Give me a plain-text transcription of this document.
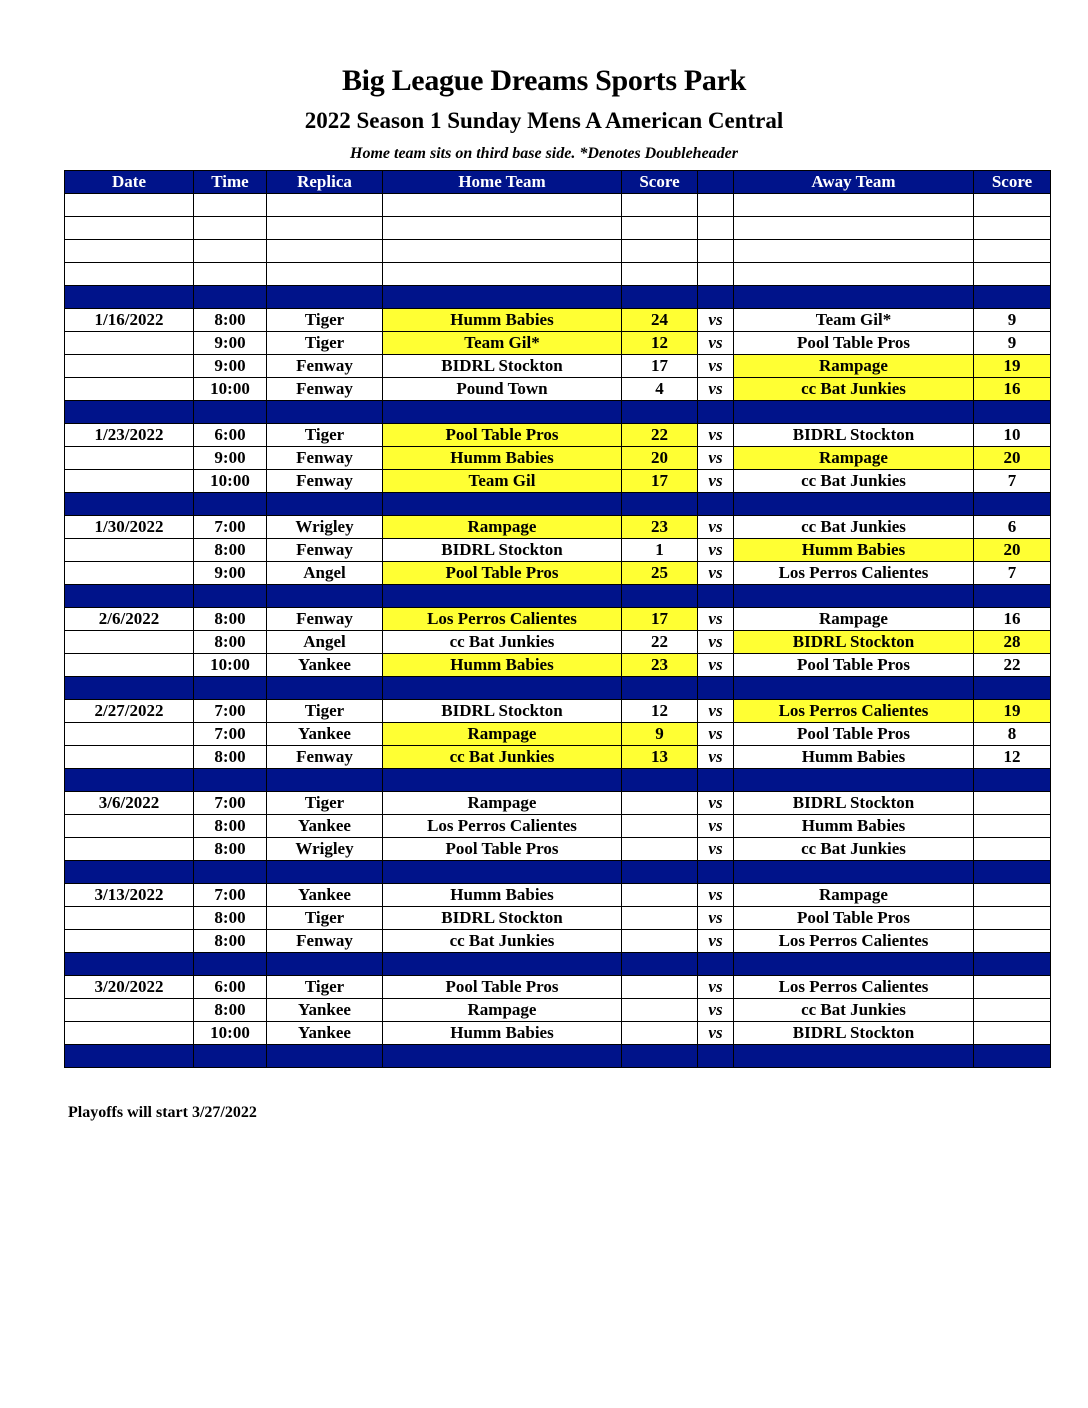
Big League Dreams Sports Park
2022 Season 1 Sunday Mens A American Central
Home team sits on third base side. *Denotes Doubleheader
Date	Time	Replica	Home Team	Score		Away Team	Score

1/16/2022	8:00	Tiger	Humm Babies	24	vs	Team Gil*	9
	9:00	Tiger	Team Gil*	12	vs	Pool Table Pros	9
	9:00	Fenway	BIDRL Stockton	17	vs	Rampage	19
	10:00	Fenway	Pound Town	4	vs	cc Bat Junkies	16

1/23/2022	6:00	Tiger	Pool Table Pros	22	vs	BIDRL Stockton	10
	9:00	Fenway	Humm Babies	20	vs	Rampage	20
	10:00	Fenway	Team Gil	17	vs	cc Bat Junkies	7

1/30/2022	7:00	Wrigley	Rampage	23	vs	cc Bat Junkies	6
	8:00	Fenway	BIDRL Stockton	1	vs	Humm Babies	20
	9:00	Angel	Pool Table Pros	25	vs	Los Perros Calientes	7

2/6/2022	8:00	Fenway	Los Perros Calientes	17	vs	Rampage	16
	8:00	Angel	cc Bat Junkies	22	vs	BIDRL Stockton	28
	10:00	Yankee	Humm Babies	23	vs	Pool Table Pros	22

2/27/2022	7:00	Tiger	BIDRL Stockton	12	vs	Los Perros Calientes	19
	7:00	Yankee	Rampage	9	vs	Pool Table Pros	8
	8:00	Fenway	cc Bat Junkies	13	vs	Humm Babies	12

3/6/2022	7:00	Tiger	Rampage		vs	BIDRL Stockton	
	8:00	Yankee	Los Perros Calientes		vs	Humm Babies	
	8:00	Wrigley	Pool Table Pros		vs	cc Bat Junkies	

3/13/2022	7:00	Yankee	Humm Babies		vs	Rampage	
	8:00	Tiger	BIDRL Stockton		vs	Pool Table Pros	
	8:00	Fenway	cc Bat Junkies		vs	Los Perros Calientes	

3/20/2022	6:00	Tiger	Pool Table Pros		vs	Los Perros Calientes	
	8:00	Yankee	Rampage		vs	cc Bat Junkies	
	10:00	Yankee	Humm Babies		vs	BIDRL Stockton	

Playoffs will start 3/27/2022
